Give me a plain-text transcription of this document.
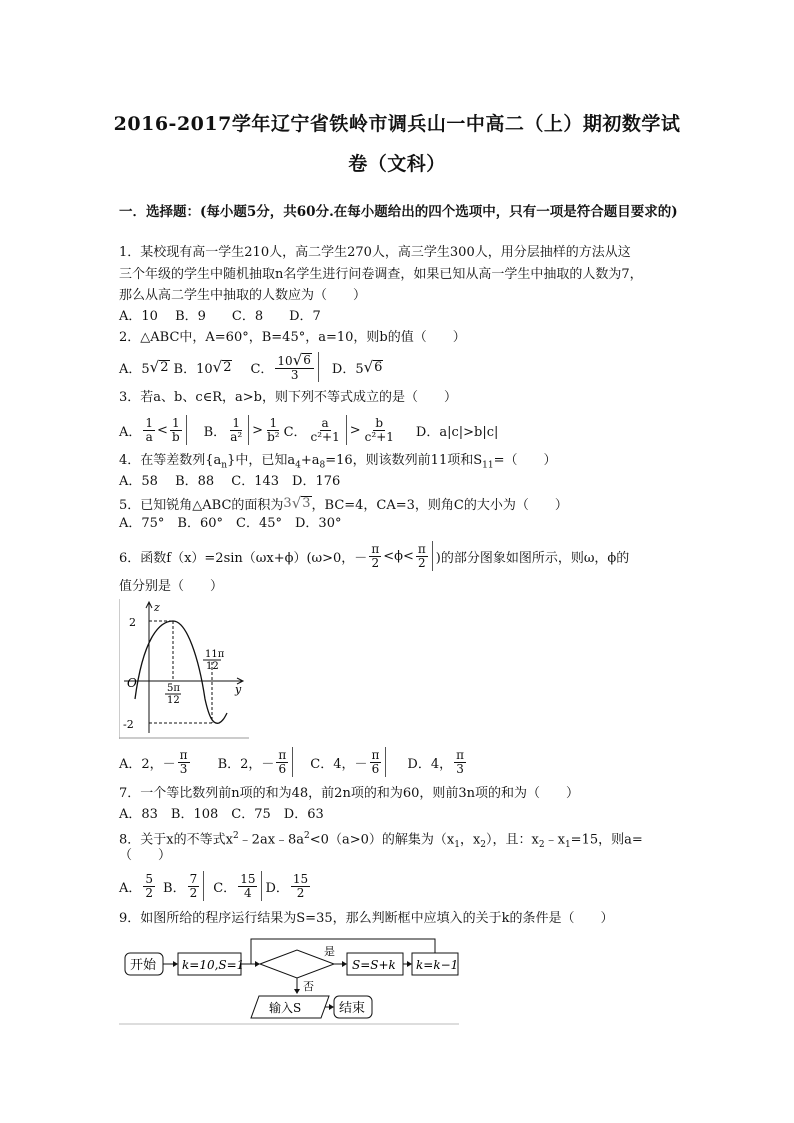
2016-2017学年辽宁省铁岭市调兵山一中高二（上）期初数学试
卷（文科）
一．选择题：(每小题5分，共60分.在每小题给出的四个选项中，只有一项是符合题目要求的)
1．某校现有高一学生210人，高二学生270人，高三学生300人，用分层抽样的方法从这
三个年级的学生中随机抽取n名学生进行问卷调查，如果已知从高一学生中抽取的人数为7，
那么从高二学生中抽取的人数应为（　　）
A．10　 B．9　　C．8　　D．7
2．△ABC中，A=60°，B=45°，a=10，则b的值（　　）
A．5 √ 2 B．10 √ 2 C． $\frac{10 √ 6}{3}$ D．5 √ 6
3．若a、b、c∈R，a>b，则下列不等式成立的是（　　）
A． $\frac{1}{a} < \frac{1}{b}$ B． $\frac{1}{\text{a²}} > \frac{1}{\text{b²}}$ C． $\frac{a}{\text{c²+1}} > \frac{b}{\text{c²+1}}$ D．a|c|>b|c|
4．在等差数列$\{a_n\}$中，已知$a_4+a_8=16$，则该数列前11项和$S_{11}=$（　　）
A．58　 B．88　 C．143　D．176
5．已知锐角△ABC的面积为 3 √ 3 ，BC=4，CA=3，则角C的大小为（　　）
A．75°　B．60°　C．45°　D．30°
6．函数f（x）=2sin（ωx+ϕ）(ω>0，－ $\frac{\pi}{2} <\phi< \frac{\pi}{2}$ )的部分图象如图所示，则ω，ϕ的
值分别是（　　）
z
y
O
2
-2
5π
12
11π
12
A．2，－ $\frac{\pi}{3}$ B．2，－ $\frac{\pi}{6}$ C．4，－ $\frac{\pi}{6}$ D．4， $\frac{\pi}{3}$
7．一个等比数列前n项的和为48，前2n项的和为60，则前3n项的和为（　　）
A．83　B．108　C．75　D．63
8．关于x的不等式$x^2﹣2ax﹣8a^2<0(a>0)$的解集为（$x_1$，$x_2$），且：$x_2﹣x_1=15$，则a=
（　　）
A． $\frac{5}{2}$ B． $\frac{7}{2}$ C． $\frac{15}{4}$ D． $\frac{15}{2}$
9．如图所给的程序运行结果为S=35，那么判断框中应填入的关于k的条件是（　　）
开始 k=10,S=1
是
S=S+k k=k−1
否
输入S	结束
